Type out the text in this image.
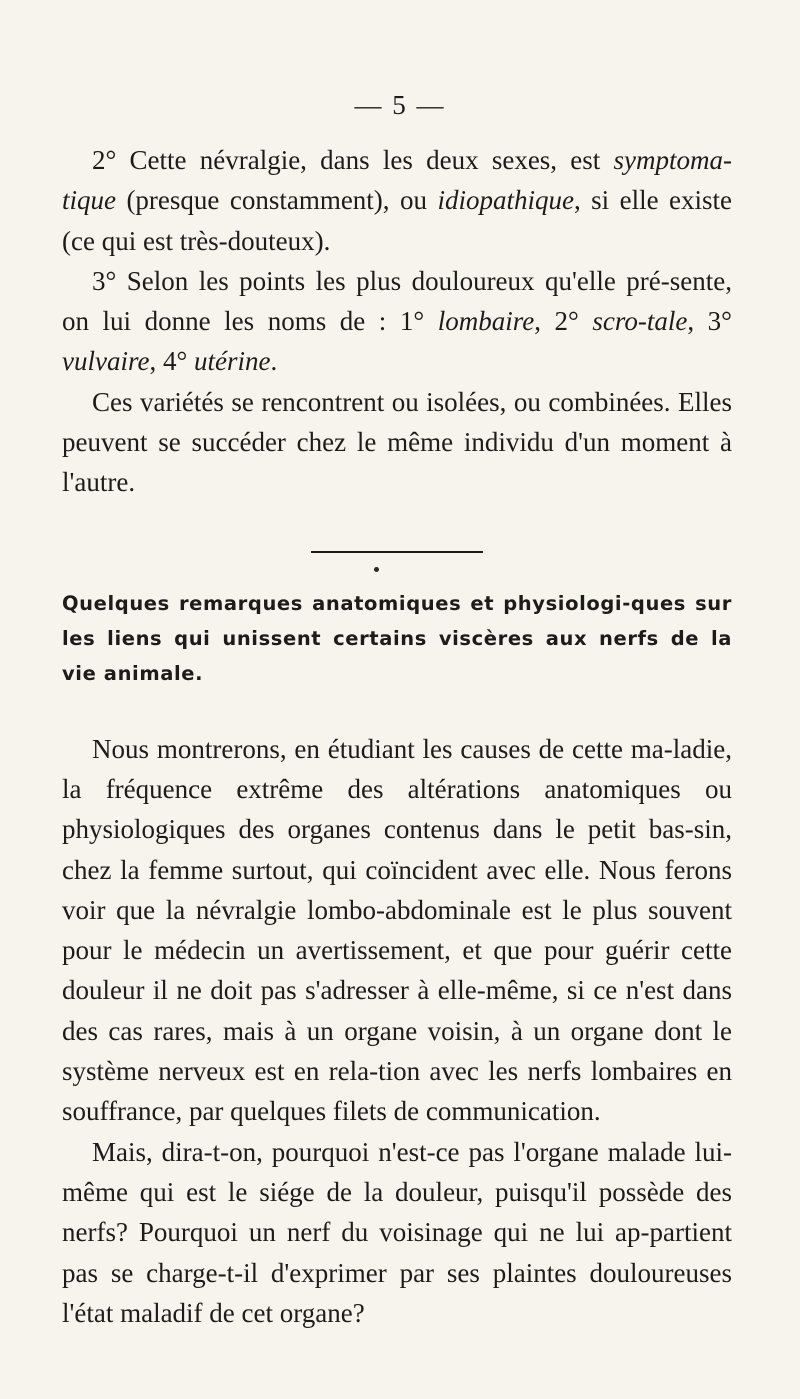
— 5 —

2° Cette névralgie, dans les deux sexes, est symptoma-tique (presque constamment), ou idiopathique, si elle existe (ce qui est très-douteux).

3° Selon les points les plus douloureux qu'elle pré-sente, on lui donne les noms de : 1° lombaire, 2° scro-tale, 3° vulvaire, 4° utérine.

Ces variétés se rencontrent ou isolées, ou combinées. Elles peuvent se succéder chez le même individu d'un moment à l'autre.

Quelques remarques anatomiques et physiologi-ques sur les liens qui unissent certains viscères aux nerfs de la vie animale.

Nous montrerons, en étudiant les causes de cette ma-ladie, la fréquence extrême des altérations anatomiques ou physiologiques des organes contenus dans le petit bas-sin, chez la femme surtout, qui coïncident avec elle. Nous ferons voir que la névralgie lombo-abdominale est le plus souvent pour le médecin un avertissement, et que pour guérir cette douleur il ne doit pas s'adresser à elle-même, si ce n'est dans des cas rares, mais à un organe voisin, à un organe dont le système nerveux est en rela-tion avec les nerfs lombaires en souffrance, par quelques filets de communication.

Mais, dira-t-on, pourquoi n'est-ce pas l'organe malade lui-même qui est le siége de la douleur, puisqu'il possède des nerfs? Pourquoi un nerf du voisinage qui ne lui ap-partient pas se charge-t-il d'exprimer par ses plaintes douloureuses l'état maladif de cet organe?
